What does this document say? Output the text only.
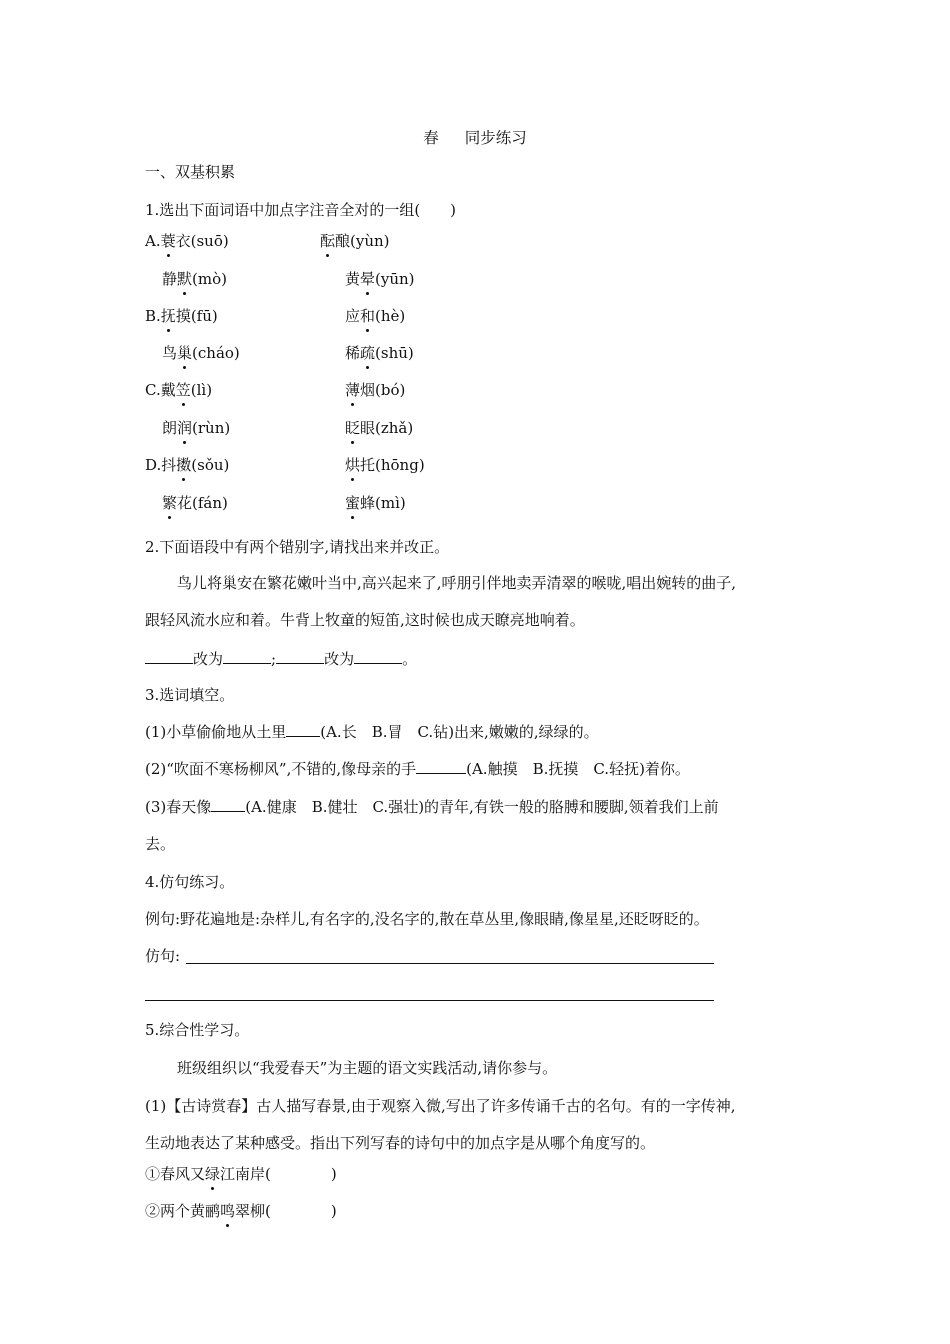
春 同步练习
一、双基积累
1.选出下面词语中加点字注音全对的一组(　　)
A.蓑衣(suō)	酝酿(yùn)
静默(mò)	黄晕(yūn)
B.抚摸(fū)	应和(hè)
鸟巢(cháo)	稀疏(shū)
C.戴笠(lì)	薄烟(bó)
朗润(rùn)	眨眼(zhǎ)
D.抖擞(sǒu)	烘托(hōng)
繁花(fán)	蜜蜂(mì)
2.下面语段中有两个错别字,请找出来并改正。
鸟儿将巢安在繁花嫩叶当中,高兴起来了,呼朋引伴地卖弄清翠的喉咙,唱出婉转的曲子,
跟轻风流水应和着。牛背上牧童的短笛,这时候也成天瞭亮地响着。
改为	;	改为	。
3.选词填空。
(1)小草偷偷地从土里 (A.长　B.冒　C.钻)出来,嫩嫩的,绿绿的。
(2)“吹面不寒杨柳风”,不错的,像母亲的手	(A.触摸　B.抚摸　C.轻抚)着你。
(3)春天像 (A.健康　B.健壮　C.强壮)的青年,有铁一般的胳膊和腰脚,领着我们上前
去。
4.仿句练习。
例句:野花遍地是:杂样儿,有名字的,没名字的,散在草丛里,像眼睛,像星星,还眨呀眨的。
仿句:
5.综合性学习。
班级组织以“我爱春天”为主题的语文实践活动,请你参与。
(1)【古诗赏春】古人描写春景,由于观察入微,写出了许多传诵千古的名句。有的一字传神,
生动地表达了某种感受。指出下列写春的诗句中的加点字是从哪个角度写的。
①春风又绿江南岸(　　　　)
②两个黄鹂鸣翠柳(　　　　)
